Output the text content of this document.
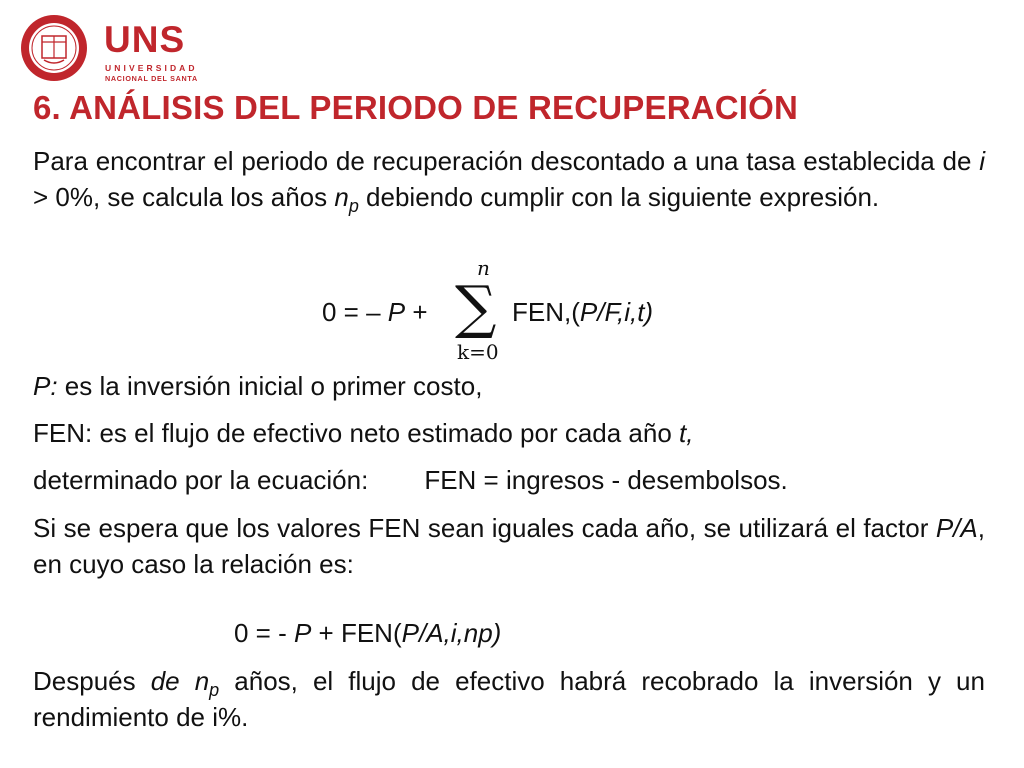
UNS
UNIVERSIDAD
NACIONAL DEL SANTA
6. ANÁLISIS DEL PERIODO DE RECUPERACIÓN
Para encontrar el periodo de recuperación descontado a una tasa establecida de i > 0%, se calcula los años $n_p$ debiendo cumplir con la siguiente expresión.
0 = – P +
n
∑
k=0
FEN,(P/F,i,t)
P: es la inversión inicial o primer costo,
FEN: es el flujo de efectivo neto estimado por cada año t,
determinado por la ecuación: FEN = ingresos - desembolsos.
Si se espera que los valores FEN sean iguales cada año, se utilizará el factor P/A, en cuyo caso la relación es:
0 = - P + FEN(P/A,i,np)
Después de $n_p$ años, el flujo de efectivo habrá recobrado la inversión y un rendimiento de i%.
